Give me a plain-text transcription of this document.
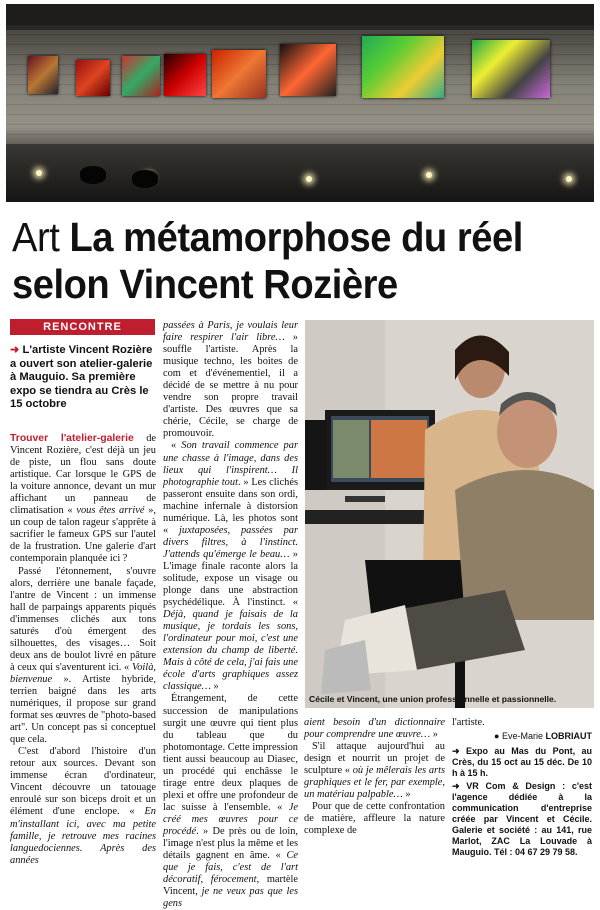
Art La métamorphose du réel
selon Vincent Rozière
RENCONTRE

➜ L'artiste Vincent Rozière a ouvert son atelier-galerie à Mauguio. Sa première expo se tiendra au Crès le 15 octobre

Trouver l'atelier-galerie de Vincent Rozière, c'est déjà un jeu de piste, un flou sans doute artistique. Car lorsque le GPS de la voiture annonce, devant un mur affichant un panneau de climatisation « vous êtes arrivé », un coup de talon rageur s'apprête à sacrifier le fameux GPS sur l'autel de la frustration. Une galerie d'art contemporain planquée ici ?

Passé l'étonnement, s'ouvre alors, derrière une banale façade, l'antre de Vincent : un immense hall de parpaings apparents piqués d'immenses clichés aux tons saturés d'où émergent des silhouettes, des visages… Soit deux ans de boulot livré en pâture à ceux qui s'aventurent ici. « Voilà, bienvenue ». Artiste hybride, terrien baigné dans les arts numériques, il propose sur grand format ses œuvres de "photo-based art". Un concept pas si conceptuel que cela.

C'est d'abord l'histoire d'un retour aux sources. Devant son immense écran d'ordinateur, Vincent découvre un tatouage enroulé sur son biceps droit et un élément d'une enclope. « En m'installant ici, avec ma petite famille, je retrouve mes racines languedociennes. Après des années

passées à Paris, je voulais leur faire respirer l'air libre… » souffle l'artiste. Après la musique techno, les boites de com et d'événementiel, il a décidé de se mettre à nu pour vendre son propre travail d'artiste. Des œuvres que sa chérie, Cécile, se charge de promouvoir.

« Son travail commence par une chasse à l'image, dans des lieux qui l'inspirent… Il photographie tout. » Les clichés passeront ensuite dans son ordi, machine infernale à distorsion numérique. Là, les photos sont « juxtaposées, passées par divers filtres, à l'instinct. J'attends qu'émerge le beau… » L'image finale raconte alors la solitude, expose un visage ou plonge dans une abstraction psychédélique. À l'instinct. « Déjà, quand je faisais de la musique, je tordais les sons, l'ordinateur pour moi, c'est une extension du champ de liberté. Mais à côté de cela, j'ai fais une école d'arts graphiques assez classique… »

Étrangement, de cette succession de manipulations surgit une œuvre qui tient plus du tableau que du photomontage. Cette impression tient aussi beaucoup au Diasec, un procédé qui enchâsse le tirage entre deux plaques de plexi et offre une profondeur de lac suisse à l'ensemble. « Je créé mes œuvres pour ce procédé. » De près ou de loin, l'image n'est plus la même et les détails gagnent en âme. « Ce que je fais, c'est de l'art décoratif, férocement, martèle Vincent, je ne veux pas que les gens

Cécile et Vincent, une union professionnelle et passionnelle.

aient besoin d'un dictionnaire pour comprendre une œuvre… »

S'il attaque aujourd'hui au design et nourrit un projet de sculpture « où je mêlerais les arts graphiques et le fer, par exemple, un matériau palpable… »

Pour que de cette confrontation de matière, affleure la nature complexe de

l'artiste.

● Eve-Marie LOBRIAUT

➜ Expo au Mas du Pont, au Crès, du 15 oct au 15 déc. De 10 h à 15 h.

➜ VR Com & Design : c'est l'agence dédiée à la communication d'entreprise créée par Vincent et Cécile. Galerie et société : au 141, rue Marlot, ZAC La Louvade à Mauguio. Tél : 04 67 29 79 58.
